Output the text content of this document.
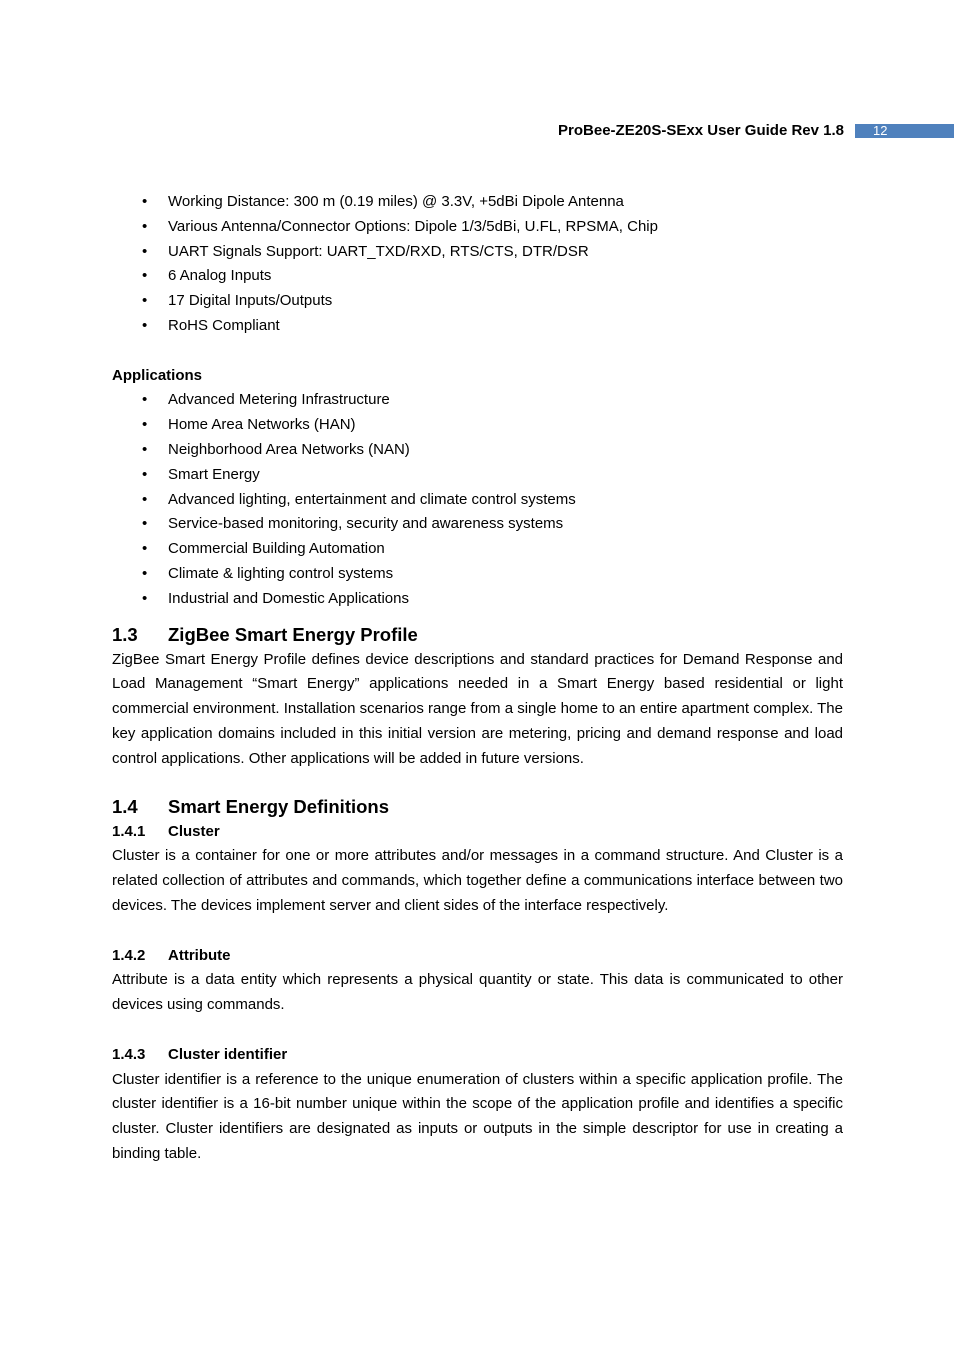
ProBee-ZE20S-SExx User Guide Rev 1.8	12
• Working Distance: 300 m (0.19 miles) @ 3.3V, +5dBi Dipole Antenna
• Various Antenna/Connector Options: Dipole 1/3/5dBi, U.FL, RPSMA, Chip
• UART Signals Support: UART_TXD/RXD, RTS/CTS, DTR/DSR
• 6 Analog Inputs
• 17 Digital Inputs/Outputs
• RoHS Compliant
Applications
• Advanced Metering Infrastructure
• Home Area Networks (HAN)
• Neighborhood Area Networks (NAN)
• Smart Energy
• Advanced lighting, entertainment and climate control systems
• Service-based monitoring, security and awareness systems
• Commercial Building Automation
• Climate & lighting control systems
• Industrial and Domestic Applications
1.3 ZigBee Smart Energy Profile

ZigBee Smart Energy Profile defines device descriptions and standard practices for Demand Response and Load Management “Smart Energy” applications needed in a Smart Energy based residential or light commercial environment. Installation scenarios range from a single home to an entire apartment complex. The key application domains included in this initial version are metering, pricing and demand response and load control applications. Other applications will be added in future versions.

1.4 Smart Energy Definitions
1.4.1 Cluster

Cluster is a container for one or more attributes and/or messages in a command structure. And Cluster is a related collection of attributes and commands, which together define a communications interface between two devices. The devices implement server and client sides of the interface respectively.

1.4.2 Attribute

Attribute is a data entity which represents a physical quantity or state. This data is communicated to other devices using commands.

1.4.3 Cluster identifier

Cluster identifier is a reference to the unique enumeration of clusters within a specific application profile. The cluster identifier is a 16-bit number unique within the scope of the application profile and identifies a specific cluster. Cluster identifiers are designated as inputs or outputs in the simple descriptor for use in creating a binding table.
